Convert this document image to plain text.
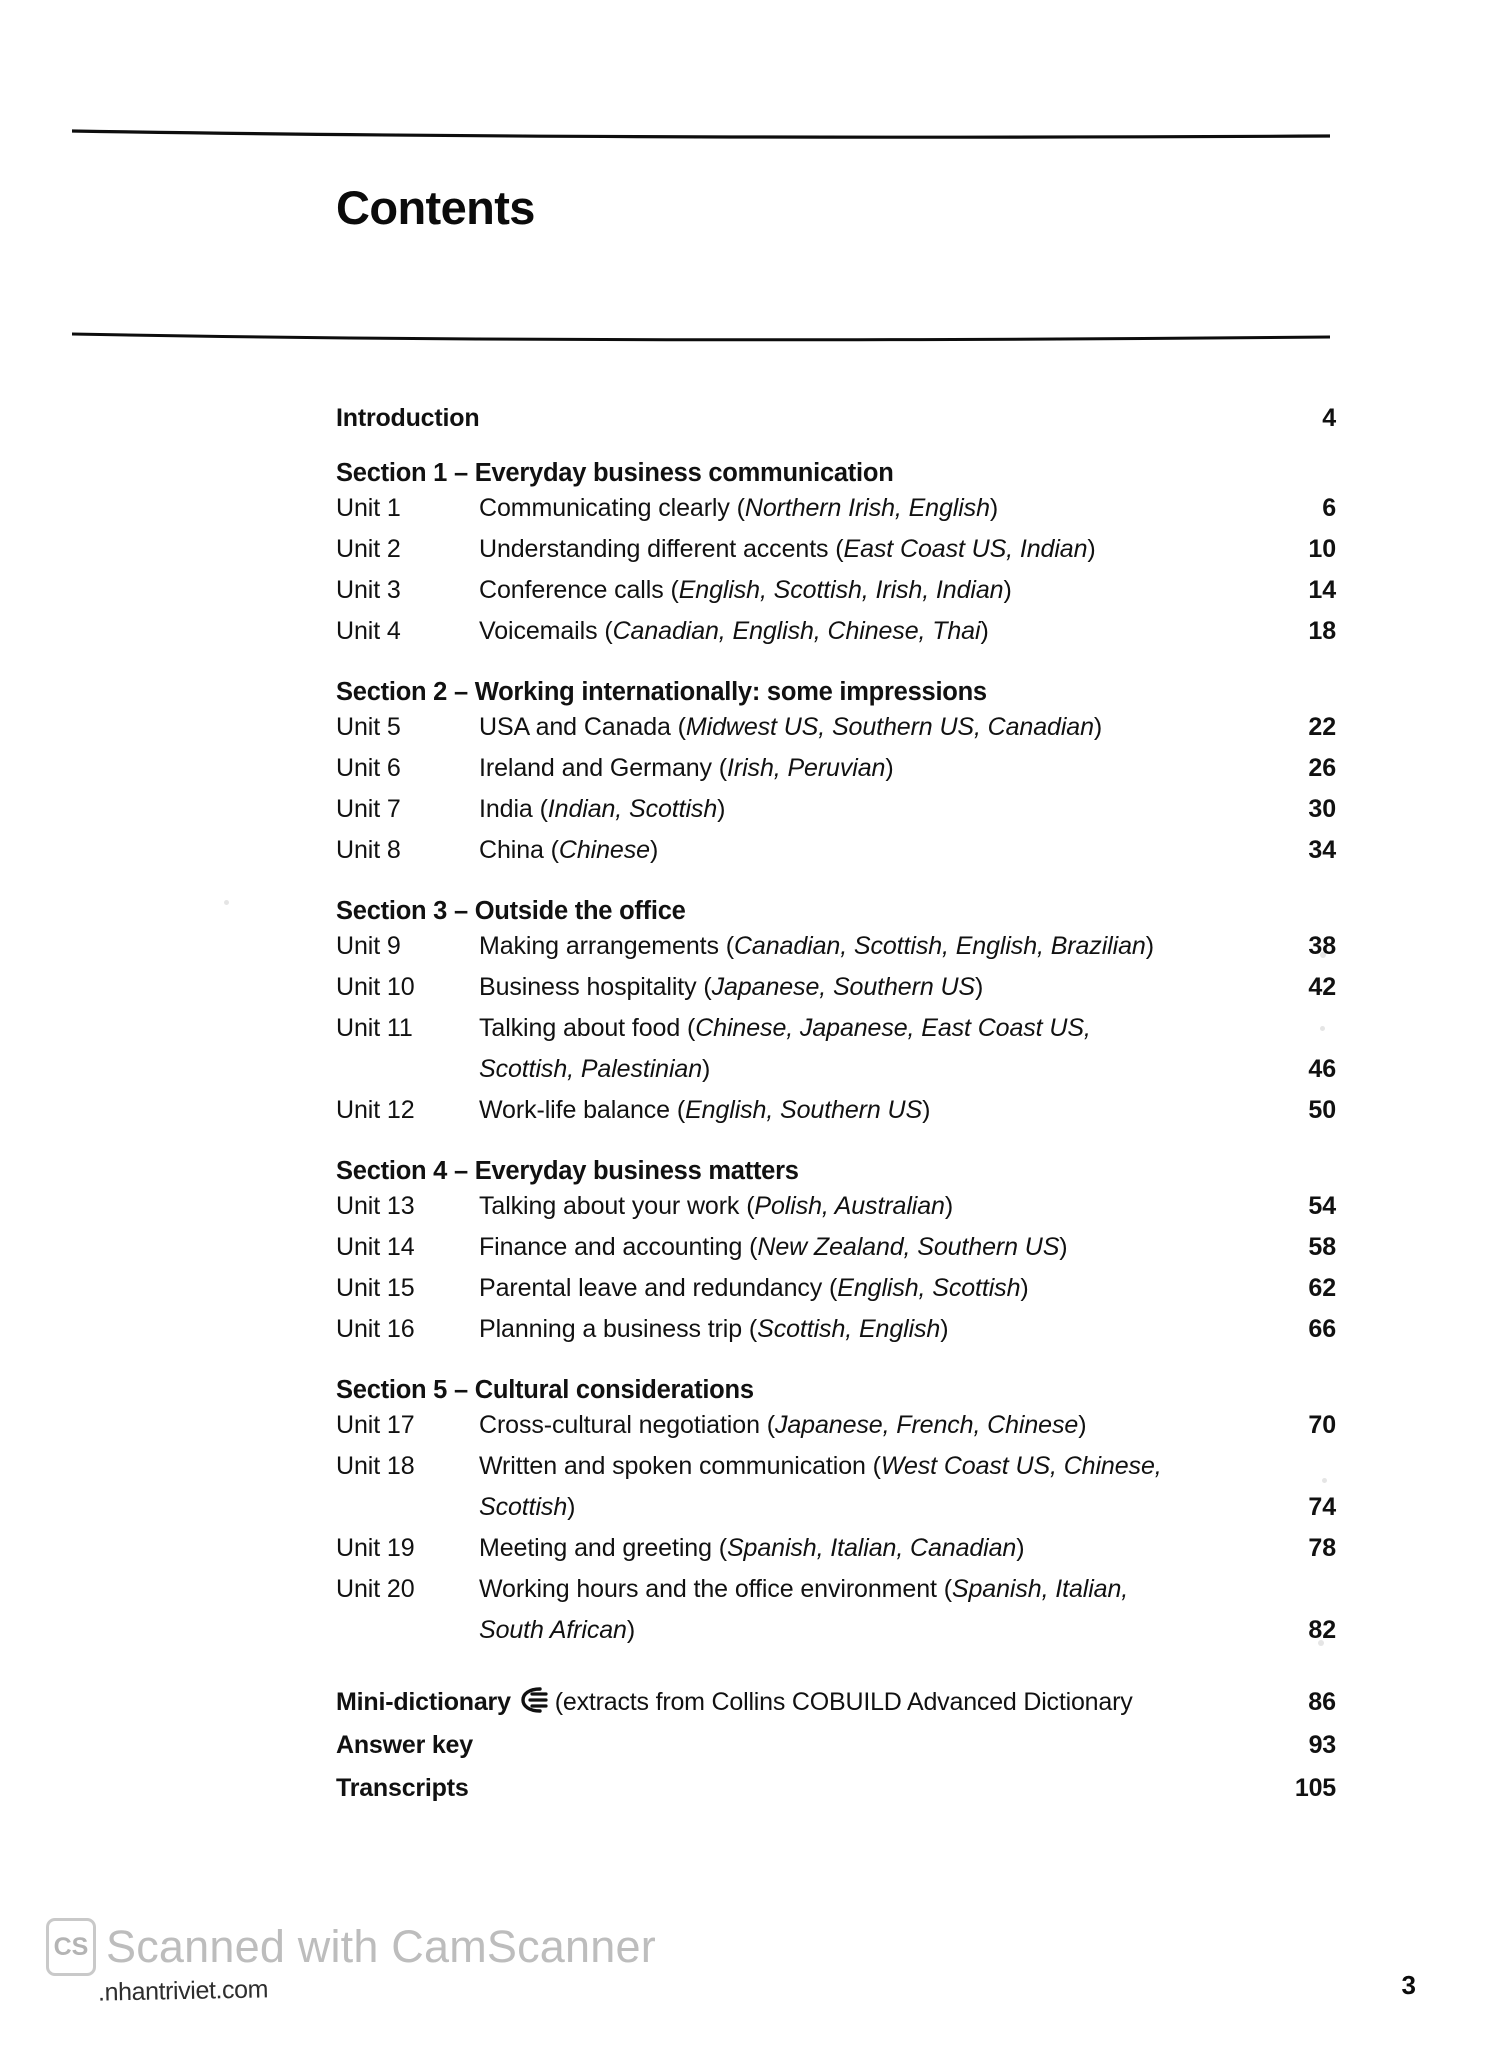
Contents
Introduction	4
Section 1 – Everyday business communication
Unit 1	Communicating clearly (Northern Irish, English)	6
Unit 2	Understanding different accents (East Coast US, Indian)	10
Unit 3	Conference calls (English, Scottish, Irish, Indian)	14
Unit 4	Voicemails (Canadian, English, Chinese, Thai)	18
Section 2 – Working internationally: some impressions
Unit 5	USA and Canada (Midwest US, Southern US, Canadian)	22
Unit 6	Ireland and Germany (Irish, Peruvian)	26
Unit 7	India (Indian, Scottish)	30
Unit 8	China (Chinese)	34
Section 3 – Outside the office
Unit 9	Making arrangements (Canadian, Scottish, English, Brazilian)	38
Unit 10	Business hospitality (Japanese, Southern US)	42
Unit 11	Talking about food (Chinese, Japanese, East Coast US,
Scottish, Palestinian)	46
Unit 12	Work-life balance (English, Southern US)	50
Section 4 – Everyday business matters
Unit 13	Talking about your work (Polish, Australian)	54
Unit 14	Finance and accounting (New Zealand, Southern US)	58
Unit 15	Parental leave and redundancy (English, Scottish)	62
Unit 16	Planning a business trip (Scottish, English)	66
Section 5 – Cultural considerations
Unit 17	Cross-cultural negotiation (Japanese, French, Chinese)	70
Unit 18	Written and spoken communication (West Coast US, Chinese,
Scottish)	74
Unit 19	Meeting and greeting (Spanish, Italian, Canadian)	78
Unit 20	Working hours and the office environment (Spanish, Italian,
South African)	82
Mini-dictionary (extracts from Collins COBUILD Advanced Dictionary	86
Answer key	93
Transcripts	105
CS Scanned with CamScanner
.nhantriviet.com	3
